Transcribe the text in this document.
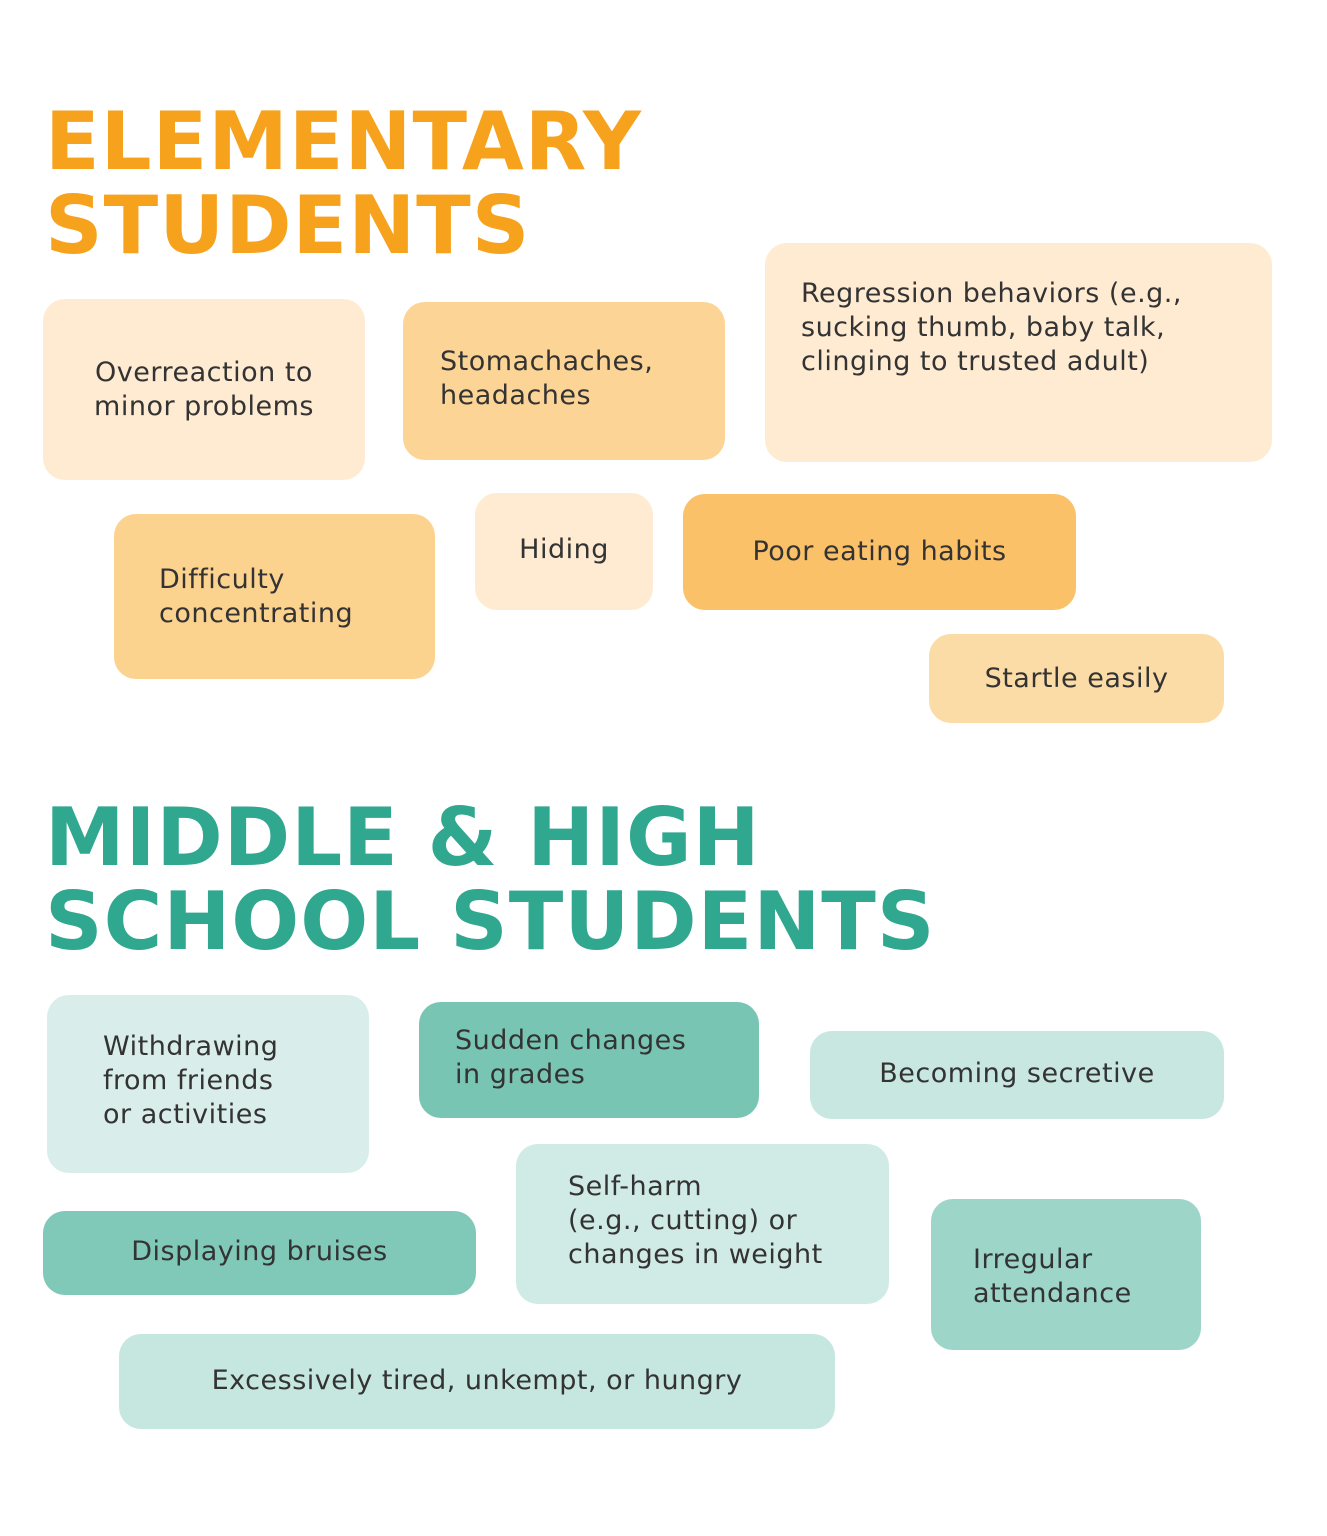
ELEMENTARY
STUDENTS
Overreaction to
minor problems
Stomachaches,
headaches
Regression behaviors (e.g.,
sucking thumb, baby talk,
clinging to trusted adult)
Difficulty
concentrating
Hiding	Poor eating habits
Startle easily
MIDDLE & HIGH
SCHOOL STUDENTS
Withdrawing
from friends
or activities
Sudden changes
in grades	Becoming secretive
Displaying bruises
Self-harm
(e.g., cutting) or
changes in weight	Irregular
attendance
Excessively tired, unkempt, or hungry
